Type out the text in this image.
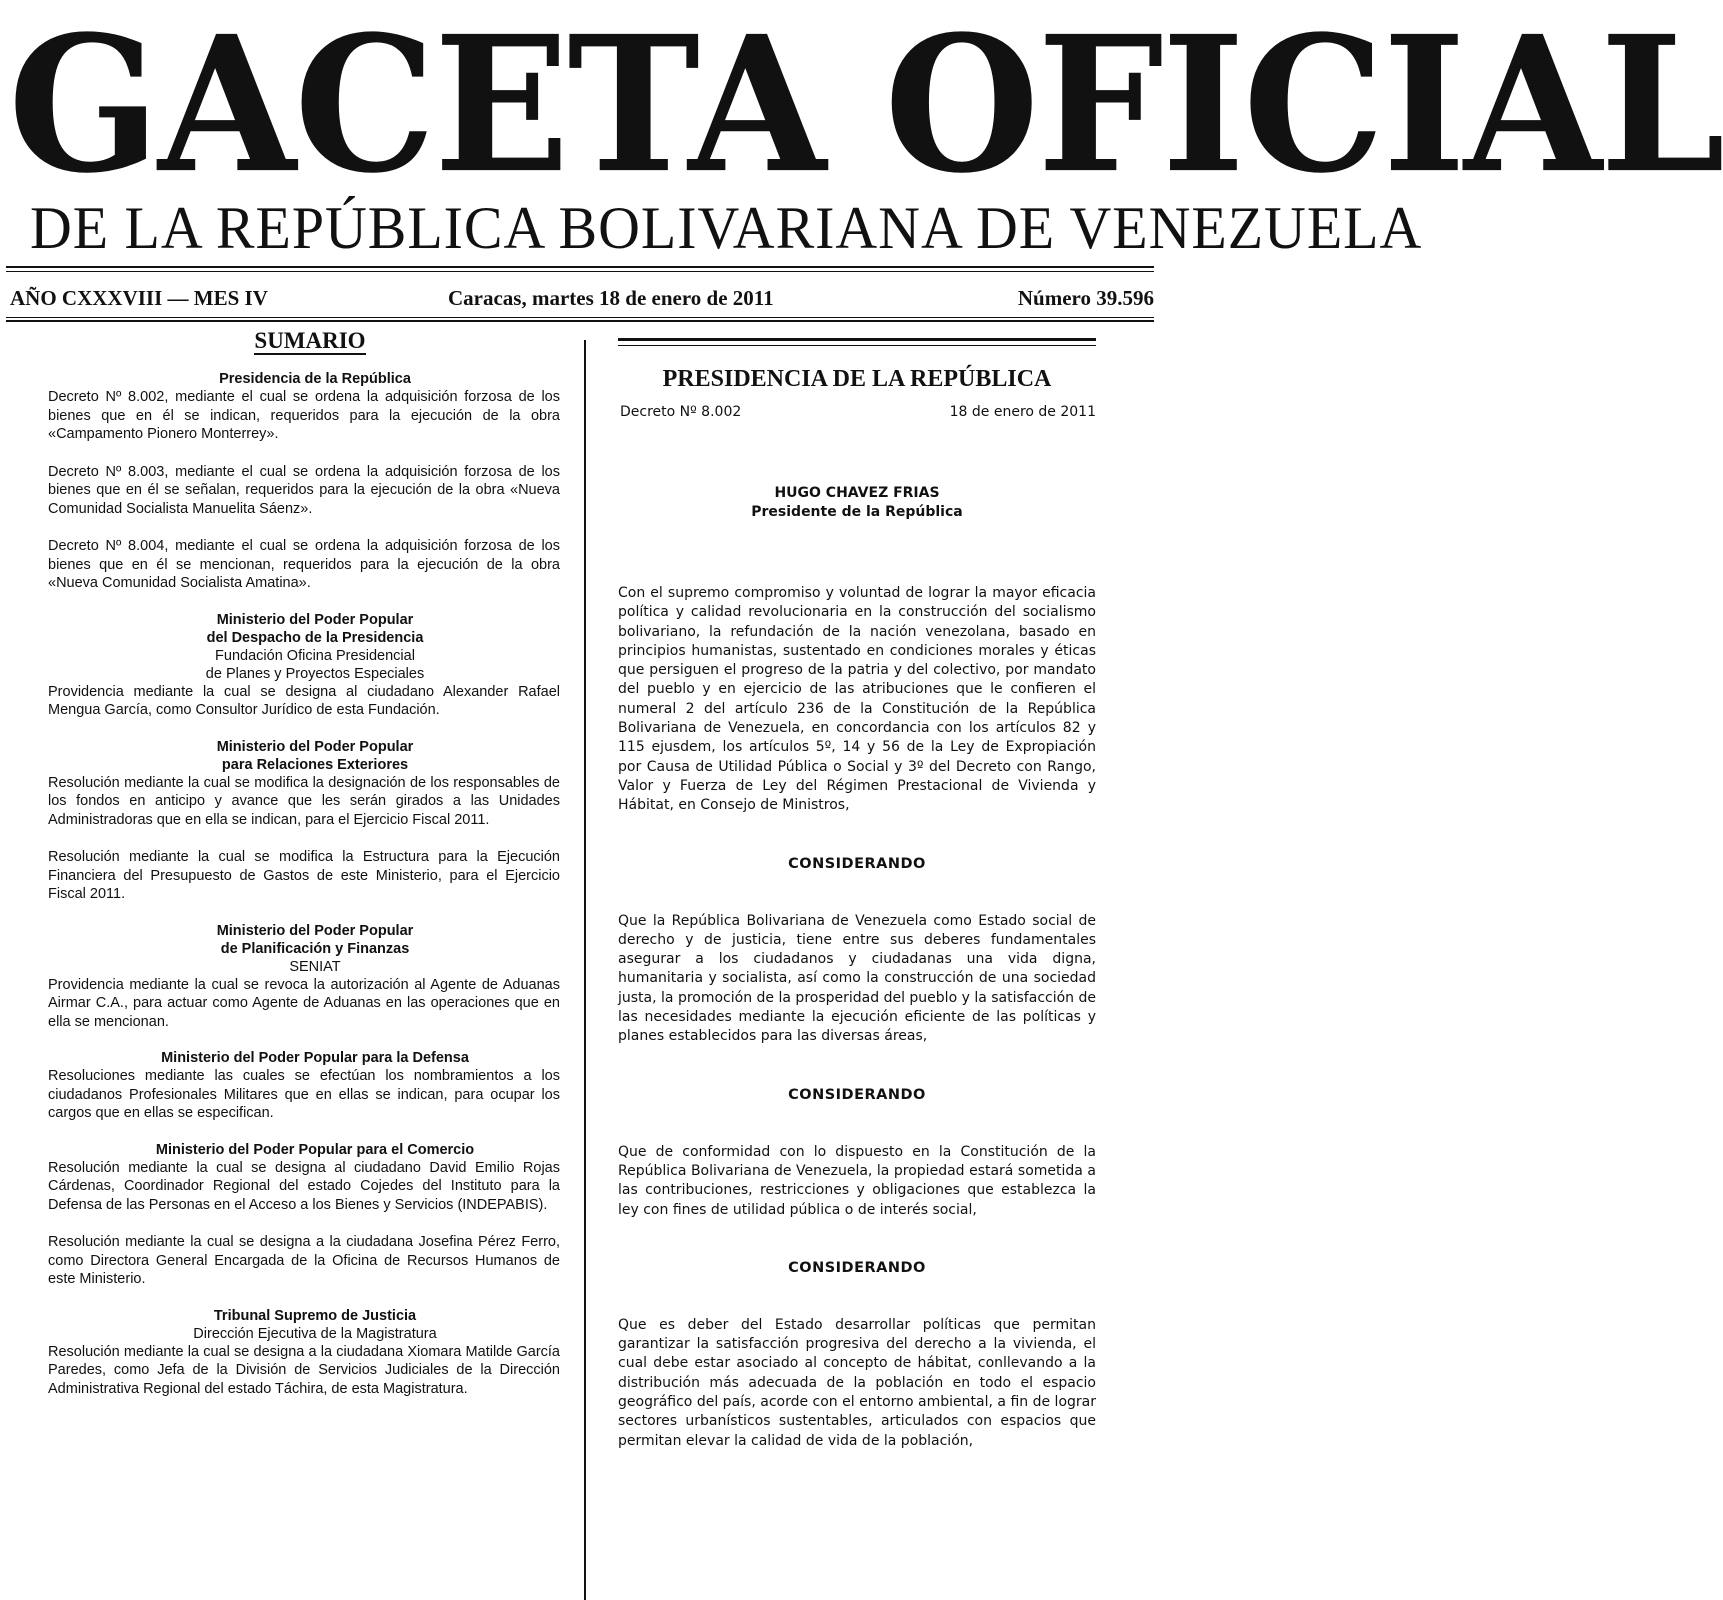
GACETA OFICIAL
DE LA REPÚBLICA BOLIVARIANA DE VENEZUELA
AÑO CXXXVIII — MES IV	Caracas, martes 18 de enero de 2011	Número 39.596
SUMARIO
Presidencia de la República

Decreto Nº 8.002, mediante el cual se ordena la adquisición forzosa de los bienes que en él se indican, requeridos para la ejecución de la obra «Campamento Pionero Monterrey».

Decreto Nº 8.003, mediante el cual se ordena la adquisición forzosa de los bienes que en él se señalan, requeridos para la ejecución de la obra «Nueva Comunidad Socialista Manuelita Sáenz».

Decreto Nº 8.004, mediante el cual se ordena la adquisición forzosa de los bienes que en él se mencionan, requeridos para la ejecución de la obra «Nueva Comunidad Socialista Amatina».

Ministerio del Poder Popular
del Despacho de la Presidencia
Fundación Oficina Presidencial
de Planes y Proyectos Especiales

Providencia mediante la cual se designa al ciudadano Alexander Rafael Mengua García, como Consultor Jurídico de esta Fundación.

Ministerio del Poder Popular
para Relaciones Exteriores

Resolución mediante la cual se modifica la designación de los responsables de los fondos en anticipo y avance que les serán girados a las Unidades Administradoras que en ella se indican, para el Ejercicio Fiscal 2011.

Resolución mediante la cual se modifica la Estructura para la Ejecución Financiera del Presupuesto de Gastos de este Ministerio, para el Ejercicio Fiscal 2011.

Ministerio del Poder Popular
de Planificación y Finanzas
SENIAT

Providencia mediante la cual se revoca la autorización al Agente de Aduanas Airmar C.A., para actuar como Agente de Aduanas en las operaciones que en ella se mencionan.

Ministerio del Poder Popular para la Defensa

Resoluciones mediante las cuales se efectúan los nombramientos a los ciudadanos Profesionales Militares que en ellas se indican, para ocupar los cargos que en ellas se especifican.

Ministerio del Poder Popular para el Comercio

Resolución mediante la cual se designa al ciudadano David Emilio Rojas Cárdenas, Coordinador Regional del estado Cojedes del Instituto para la Defensa de las Personas en el Acceso a los Bienes y Servicios (INDEPABIS).

Resolución mediante la cual se designa a la ciudadana Josefina Pérez Ferro, como Directora General Encargada de la Oficina de Recursos Humanos de este Ministerio.

Tribunal Supremo de Justicia
Dirección Ejecutiva de la Magistratura

Resolución mediante la cual se designa a la ciudadana Xiomara Matilde García Paredes, como Jefa de la División de Servicios Judiciales de la Dirección Administrativa Regional del estado Táchira, de esta Magistratura.

PRESIDENCIA DE LA REPÚBLICA
Decreto Nº 8.002	18 de enero de 2011
HUGO CHAVEZ FRIAS
Presidente de la República

Con el supremo compromiso y voluntad de lograr la mayor eficacia política y calidad revolucionaria en la construcción del socialismo bolivariano, la refundación de la nación venezolana, basado en principios humanistas, sustentado en condiciones morales y éticas que persiguen el progreso de la patria y del colectivo, por mandato del pueblo y en ejercicio de las atribuciones que le confieren el numeral 2 del artículo 236 de la Constitución de la República Bolivariana de Venezuela, en concordancia con los artículos 82 y 115 ejusdem, los artículos 5º, 14 y 56 de la Ley de Expropiación por Causa de Utilidad Pública o Social y 3º del Decreto con Rango, Valor y Fuerza de Ley del Régimen Prestacional de Vivienda y Hábitat, en Consejo de Ministros,

CONSIDERANDO

Que la República Bolivariana de Venezuela como Estado social de derecho y de justicia, tiene entre sus deberes fundamentales asegurar a los ciudadanos y ciudadanas una vida digna, humanitaria y socialista, así como la construcción de una sociedad justa, la promoción de la prosperidad del pueblo y la satisfacción de las necesidades mediante la ejecución eficiente de las políticas y planes establecidos para las diversas áreas,

CONSIDERANDO

Que de conformidad con lo dispuesto en la Constitución de la República Bolivariana de Venezuela, la propiedad estará sometida a las contribuciones, restricciones y obligaciones que establezca la ley con fines de utilidad pública o de interés social,

CONSIDERANDO

Que es deber del Estado desarrollar políticas que permitan garantizar la satisfacción progresiva del derecho a la vivienda, el cual debe estar asociado al concepto de hábitat, conllevando a la distribución más adecuada de la población en todo el espacio geográfico del país, acorde con el entorno ambiental, a fin de lograr sectores urbanísticos sustentables, articulados con espacios que permitan elevar la calidad de vida de la población,
